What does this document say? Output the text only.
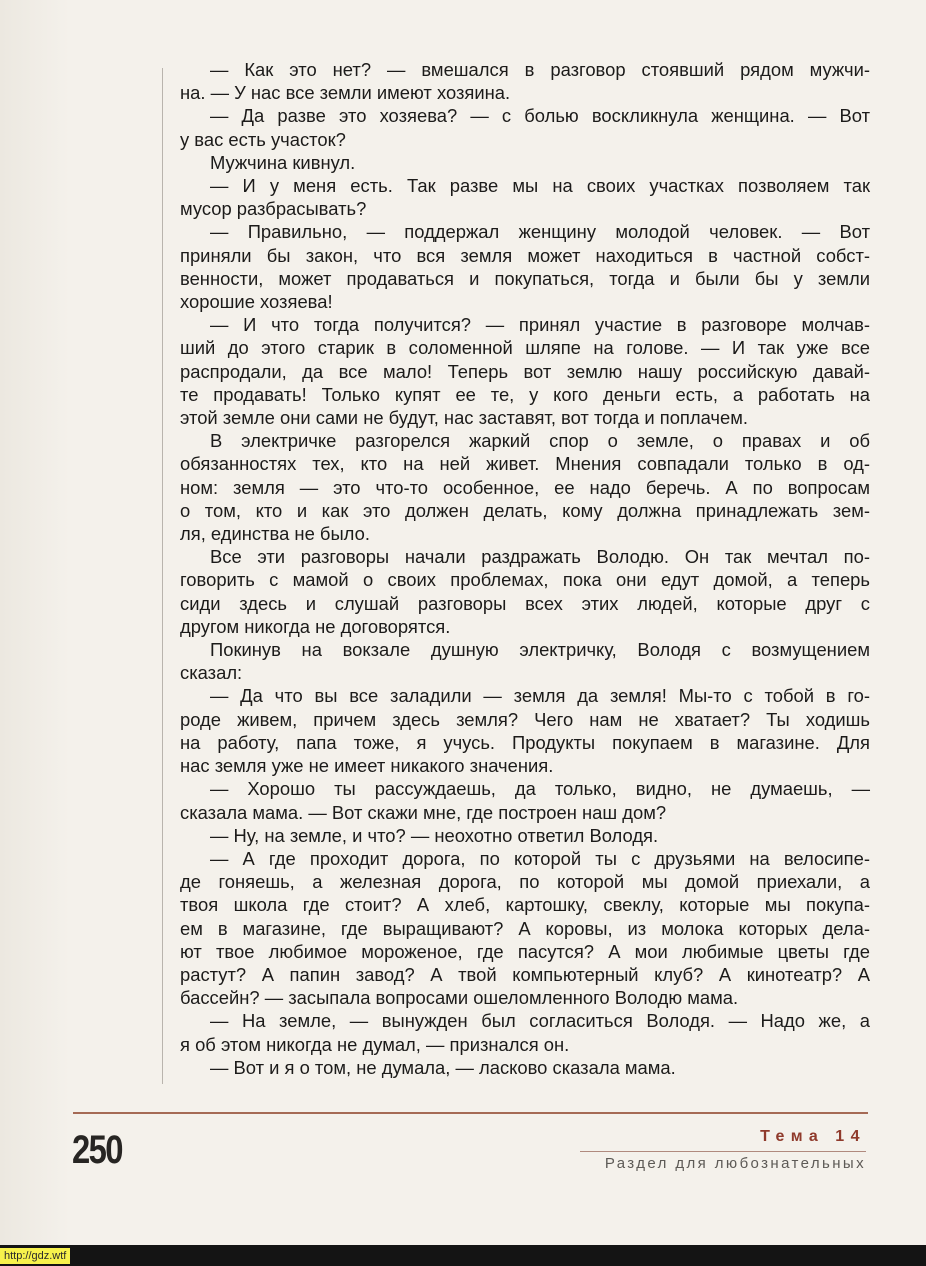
— Как это нет? — вмешался в разговор стоявший рядом мужчи-
на. — У нас все земли имеют хозяина.

— Да разве это хозяева? — с болью воскликнула женщина. — Вот
у вас есть участок?

Мужчина кивнул.

— И у меня есть. Так разве мы на своих участках позволяем так
мусор разбрасывать?

— Правильно, — поддержал женщину молодой человек. — Вот
приняли бы закон, что вся земля может находиться в частной собст-
венности, может продаваться и покупаться, тогда и были бы у земли
хорошие хозяева!

— И что тогда получится? — принял участие в разговоре молчав-
ший до этого старик в соломенной шляпе на голове. — И так уже все
распродали, да все мало! Теперь вот землю нашу российскую давай-
те продавать! Только купят ее те, у кого деньги есть, а работать на
этой земле они сами не будут, нас заставят, вот тогда и поплачем.

В электричке разгорелся жаркий спор о земле, о правах и об
обязанностях тех, кто на ней живет. Мнения совпадали только в од-
ном: земля — это что-то особенное, ее надо беречь. А по вопросам
о том, кто и как это должен делать, кому должна принадлежать зем-
ля, единства не было.

Все эти разговоры начали раздражать Володю. Он так мечтал по-
говорить с мамой о своих проблемах, пока они едут домой, а теперь
сиди здесь и слушай разговоры всех этих людей, которые друг с
другом никогда не договорятся.

Покинув на вокзале душную электричку, Володя с возмущением
сказал:

— Да что вы все заладили — земля да земля! Мы-то с тобой в го-
роде живем, причем здесь земля? Чего нам не хватает? Ты ходишь
на работу, папа тоже, я учусь. Продукты покупаем в магазине. Для
нас земля уже не имеет никакого значения.

— Хорошо ты рассуждаешь, да только, видно, не думаешь, —
сказала мама. — Вот скажи мне, где построен наш дом?

— Ну, на земле, и что? — неохотно ответил Володя.

— А где проходит дорога, по которой ты с друзьями на велосипе-
де гоняешь, а железная дорога, по которой мы домой приехали, а
твоя школа где стоит? А хлеб, картошку, свеклу, которые мы покупа-
ем в магазине, где выращивают? А коровы, из молока которых дела-
ют твое любимое мороженое, где пасутся? А мои любимые цветы где
растут? А папин завод? А твой компьютерный клуб? А кинотеатр? А
бассейн? — засыпала вопросами ошеломленного Володю мама.

— На земле, — вынужден был согласиться Володя. — Надо же, а
я об этом никогда не думал, — признался он.

— Вот и я о том, не думала, — ласково сказала мама.

250	Тема 14
Раздел для любознательных
http://gdz.wtf
